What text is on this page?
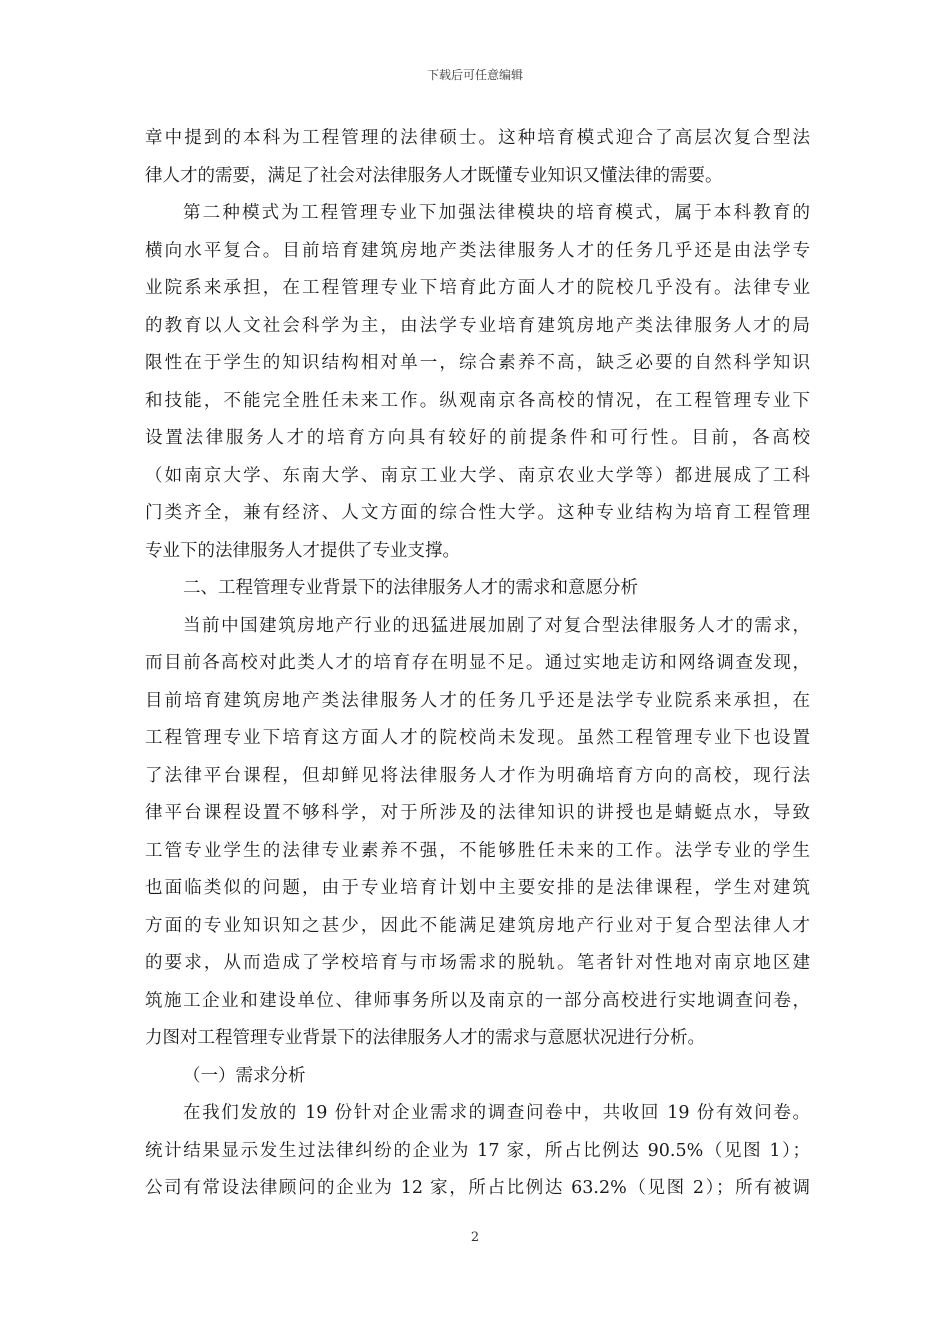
下载后可任意编辑
章中提到的本科为工程管理的法律硕士。这种培育模式迎合了高层次复合型法
律人才的需要，满足了社会对法律服务人才既懂专业知识又懂法律的需要。
第二种模式为工程管理专业下加强法律模块的培育模式，属于本科教育的
横向水平复合。目前培育建筑房地产类法律服务人才的任务几乎还是由法学专
业院系来承担，在工程管理专业下培育此方面人才的院校几乎没有。法律专业
的教育以人文社会科学为主，由法学专业培育建筑房地产类法律服务人才的局
限性在于学生的知识结构相对单一，综合素养不高，缺乏必要的自然科学知识
和技能，不能完全胜任未来工作。纵观南京各高校的情况，在工程管理专业下
设置法律服务人才的培育方向具有较好的前提条件和可行性。目前，各高校
（如南京大学、东南大学、南京工业大学、南京农业大学等）都进展成了工科
门类齐全，兼有经济、人文方面的综合性大学。这种专业结构为培育工程管理
专业下的法律服务人才提供了专业支撑。
二、工程管理专业背景下的法律服务人才的需求和意愿分析
当前中国建筑房地产行业的迅猛进展加剧了对复合型法律服务人才的需求，
而目前各高校对此类人才的培育存在明显不足。通过实地走访和网络调查发现，
目前培育建筑房地产类法律服务人才的任务几乎还是法学专业院系来承担，在
工程管理专业下培育这方面人才的院校尚未发现。虽然工程管理专业下也设置
了法律平台课程，但却鲜见将法律服务人才作为明确培育方向的高校，现行法
律平台课程设置不够科学，对于所涉及的法律知识的讲授也是蜻蜓点水，导致
工管专业学生的法律专业素养不强，不能够胜任未来的工作。法学专业的学生
也面临类似的问题，由于专业培育计划中主要安排的是法律课程，学生对建筑
方面的专业知识知之甚少，因此不能满足建筑房地产行业对于复合型法律人才
的要求，从而造成了学校培育与市场需求的脱轨。笔者针对性地对南京地区建
筑施工企业和建设单位、律师事务所以及南京的一部分高校进行实地调查问卷，
力图对工程管理专业背景下的法律服务人才的需求与意愿状况进行分析。
（一）需求分析
在我们发放的 19 份针对企业需求的调查问卷中，共收回 19 份有效问卷。
统计结果显示发生过法律纠纷的企业为 17 家，所占比例达 90.5%（见图 1）；
公司有常设法律顾问的企业为 12 家，所占比例达 63.2%（见图 2）；所有被调
2
